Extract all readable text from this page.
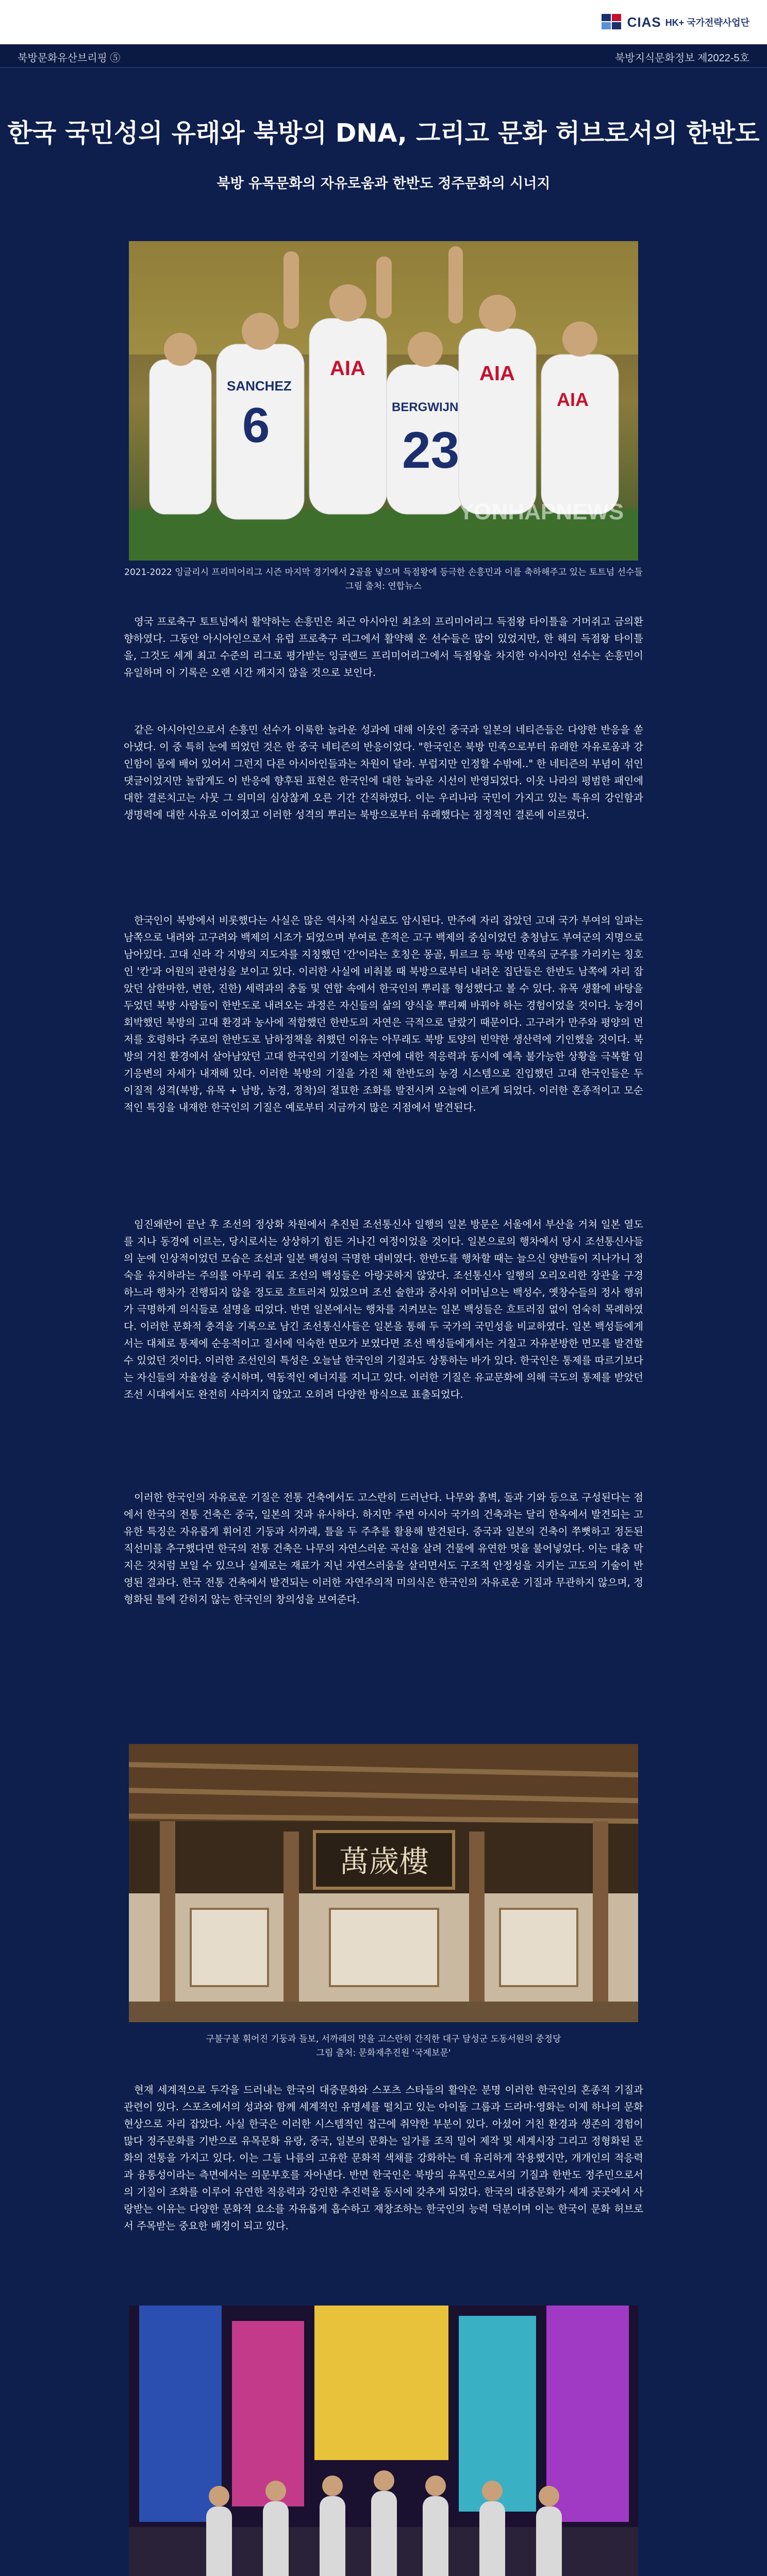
CIAS HK+ 국가전략사업단
북방문화유산브리핑 ⑤	북방지식문화정보 제2022-5호
한국 국민성의 유래와 북방의 DNA, 그리고 문화 허브로서의 한반도
북방 유목문화의 자유로움과 한반도 정주문화의 시너지
AIA	AIA
AIA
SANCHEZ
6	BERGWIJN
23
YONHAPNEWS
2021-2022 잉글리시 프리미어리그 시즌 마지막 경기에서 2골을 넣으며 득점왕에 등극한 손흥민과 이를 축하해주고 있는 토트넘 선수들
그림 출처: 연합뉴스

영국 프로축구 토트넘에서 활약하는 손흥민은 최근 아시아인 최초의 프리미어리그 득점왕 타이틀을 거머쥐고 금의환향하였다. 그동안 아시아인으로서 유럽 프로축구 리그에서 활약해 온 선수들은 많이 있었지만, 한 해의 득점왕 타이틀을, 그것도 세계 최고 수준의 리그로 평가받는 잉글랜드 프리미어리그에서 득점왕을 차지한 아시아인 선수는 손흥민이 유일하며 이 기록은 오랜 시간 깨지지 않을 것으로 보인다.

같은 아시아인으로서 손흥민 선수가 이룩한 놀라운 성과에 대해 이웃인 중국과 일본의 네티즌들은 다양한 반응을 쏟아냈다. 이 중 특히 눈에 띄었던 것은 한 중국 네티즌의 반응이었다. "한국인은 북방 민족으로부터 유래한 자유로움과 강인함이 몸에 배어 있어서 그런지 다른 아시아인들과는 차원이 달라. 부럽지만 인정할 수밖에.." 한 네티즌의 부념이 섞인 댓글이었지만 놀랍게도 이 반응에 향후된 표현은 한국인에 대한 놀라운 시선이 반영되었다. 이웃 나라의 평범한 패인에 대한 결론치고는 사뭇 그 의미의 심상찮게 오른 기간 간직하였다. 이는 우리나라 국민이 가지고 있는 특유의 강인함과 생명력에 대한 사유로 이어졌고 이러한 성격의 뿌리는 북방으로부터 유래했다는 점정적인 결론에 이르렀다.

한국인이 북방에서 비롯했다는 사실은 많은 역사적 사실로도 암시된다. 만주에 자리 잡았던 고대 국가 부여의 일파는 남쪽으로 내려와 고구려와 백제의 시조가 되었으며 부여로 흔적은 고구 백제의 중심이었던 충청남도 부여군의 지명으로 남아있다. 고대 신라 각 지방의 지도자를 지칭했던 '간'이라는 호칭은 몽골, 튀르크 등 북방 민족의 군주를 가리키는 칭호인 '칸'과 어원의 관련성을 보이고 있다. 이러한 사실에 비춰볼 때 북방으로부터 내려온 집단들은 한반도 남쪽에 자리 잡았던 삼한마한, 변한, 진한) 세력과의 충돌 및 연합 속에서 한국인의 뿌리를 형성했다고 볼 수 있다. 유목 생활에 바탕을 두었던 북방 사람들이 한반도로 내려오는 과정은 자신들의 삶의 양식을 뿌리째 바꿔야 하는 경험이었을 것이다. 농경이 회박했던 북방의 고대 환경과 농사에 적합했던 한반도의 자연은 극적으로 달랐기 때문이다. 고구려가 만주와 평양의 먼저를 호령하다 주로의 한반도로 남하정책을 취했던 이유는 아무래도 북방 토양의 빈약한 생산력에 기인했을 것이다. 북방의 거친 환경에서 살아남았던 고대 한국인의 기질에는 자연에 대한 적응력과 동시에 예측 불가능한 상황을 극복할 임기응변의 자세가 내재해 있다. 이러한 북방의 기질을 가진 채 한반도의 농경 시스템으로 진입했던 고대 한국인들은 두 이질적 성격(북방, 유목 + 남방, 농경, 정착)의 절묘한 조화를 발전시켜 오늘에 이르게 되었다. 이러한 혼종적이고 모순적인 특징을 내재한 한국인의 기질은 예로부터 지금까지 많은 지점에서 발견된다.

임진왜란이 끝난 후 조선의 정상화 차원에서 추진된 조선통신사 일행의 일본 방문은 서울에서 부산을 거쳐 일본 열도를 지나 동경에 이르는, 당시로서는 상상하기 힘든 거나긴 여정이었을 것이다. 일본으로의 행차에서 당시 조선통신사들의 눈에 인상적이었던 모습은 조선과 일본 백성의 극명한 대비였다. 한반도를 행차할 때는 늘으신 양반들이 지나가니 정숙을 유지하라는 주의를 아무리 줘도 조선의 백성들은 아랑곳하지 않았다. 조선통신사 일행의 오리오리한 장관을 구경하느라 행차가 진행되지 않을 정도로 흐트러져 있었으며 조선 술한과 중사위 어머님으는 백성수, 옛창수들의 정사 행위가 극명하게 의식들로 설명을 띠었다. 반면 일본에서는 행차를 지켜보는 일본 백성들은 흐트러짐 없이 엄숙히 목례하였다. 이러한 문화적 충격을 기록으로 남긴 조선통신사들은 일본을 통해 두 국가의 국민성을 비교하였다. 일본 백성들에게서는 대체로 통제에 순응적이고 질서에 익숙한 면모가 보였다면 조선 백성들에게서는 거칠고 자유분방한 면모를 발견할 수 있었던 것이다. 이러한 조선인의 특성은 오늘날 한국인의 기질과도 상통하는 바가 있다. 한국인은 통제를 따르기보다는 자신들의 자율성을 중시하며, 역동적인 에너지를 지니고 있다. 이러한 기질은 유교문화에 의해 극도의 통제를 받았던 조선 시대에서도 완전히 사라지지 않았고 오히려 다양한 방식으로 표출되었다.

이러한 한국인의 자유로운 기질은 전통 건축에서도 고스란히 드러난다. 나무와 흙벽, 돌과 기와 등으로 구성된다는 점에서 한국의 전통 건축은 중국, 일본의 것과 유사하다. 하지만 주변 아시아 국가의 건축과는 달리 한옥에서 발견되는 고유한 특징은 자유롭게 휘어진 기둥과 서까래, 틀을 두 주추를 활용해 발견된다. 중국과 일본의 건축이 쭈뼛하고 정돈된 직선미를 추구했다면 한국의 전통 건축은 나무의 자연스러운 곡선을 살려 건물에 유연한 멋을 불어넣었다. 이는 대충 막 지은 것처럼 보일 수 있으나 실제로는 재료가 지닌 자연스러움을 살리면서도 구조적 안정성을 지키는 고도의 기술이 반영된 결과다. 한국 전통 건축에서 발견되는 이러한 자연주의적 미의식은 한국인의 자유로운 기질과 무관하지 않으며, 정형화된 틀에 갇히지 않는 한국인의 창의성을 보여준다.

萬歲樓
구불구불 휘어진 기둥과 들보, 서까래의 멋을 고스란히 간직한 대구 달성군 도동서원의 중정당
그림 출처: 문화재추진원 '국제보문'

현재 세계적으로 두각을 드러내는 한국의 대중문화와 스포츠 스타들의 활약은 분명 이러한 한국인의 혼종적 기질과 관련이 있다. 스포츠에서의 성과와 함께 세계적인 유명세를 떨치고 있는 아이돌 그룹과 드라마·영화는 이제 하나의 문화 현상으로 자리 잡았다. 사실 한국은 이러한 시스템적인 접근에 취약한 부분이 있다. 아셨어 거친 환경과 생존의 경험이 많다 정주문화를 기반으로 유목문화 유랑, 중국, 일본의 문화는 일가를 조직 밀어 제작 및 세계시장 그리고 정형화된 문화의 전통을 가지고 있다. 이는 그들 나름의 고유한 문화적 색채를 강화하는 데 유리하게 작용했지만, 개개인의 적응력과 융통성이라는 측면에서는 의문부호를 자아낸다. 반면 한국인은 북방의 유목민으로서의 기질과 한반도 정주민으로서의 기질이 조화를 이루어 유연한 적응력과 강인한 추진력을 동시에 갖추게 되었다. 한국의 대중문화가 세계 곳곳에서 사랑받는 이유는 다양한 문화적 요소를 자유롭게 흡수하고 재창조하는 한국인의 능력 덕분이며 이는 한국이 문화 허브로서 주목받는 중요한 배경이 되고 있다.
